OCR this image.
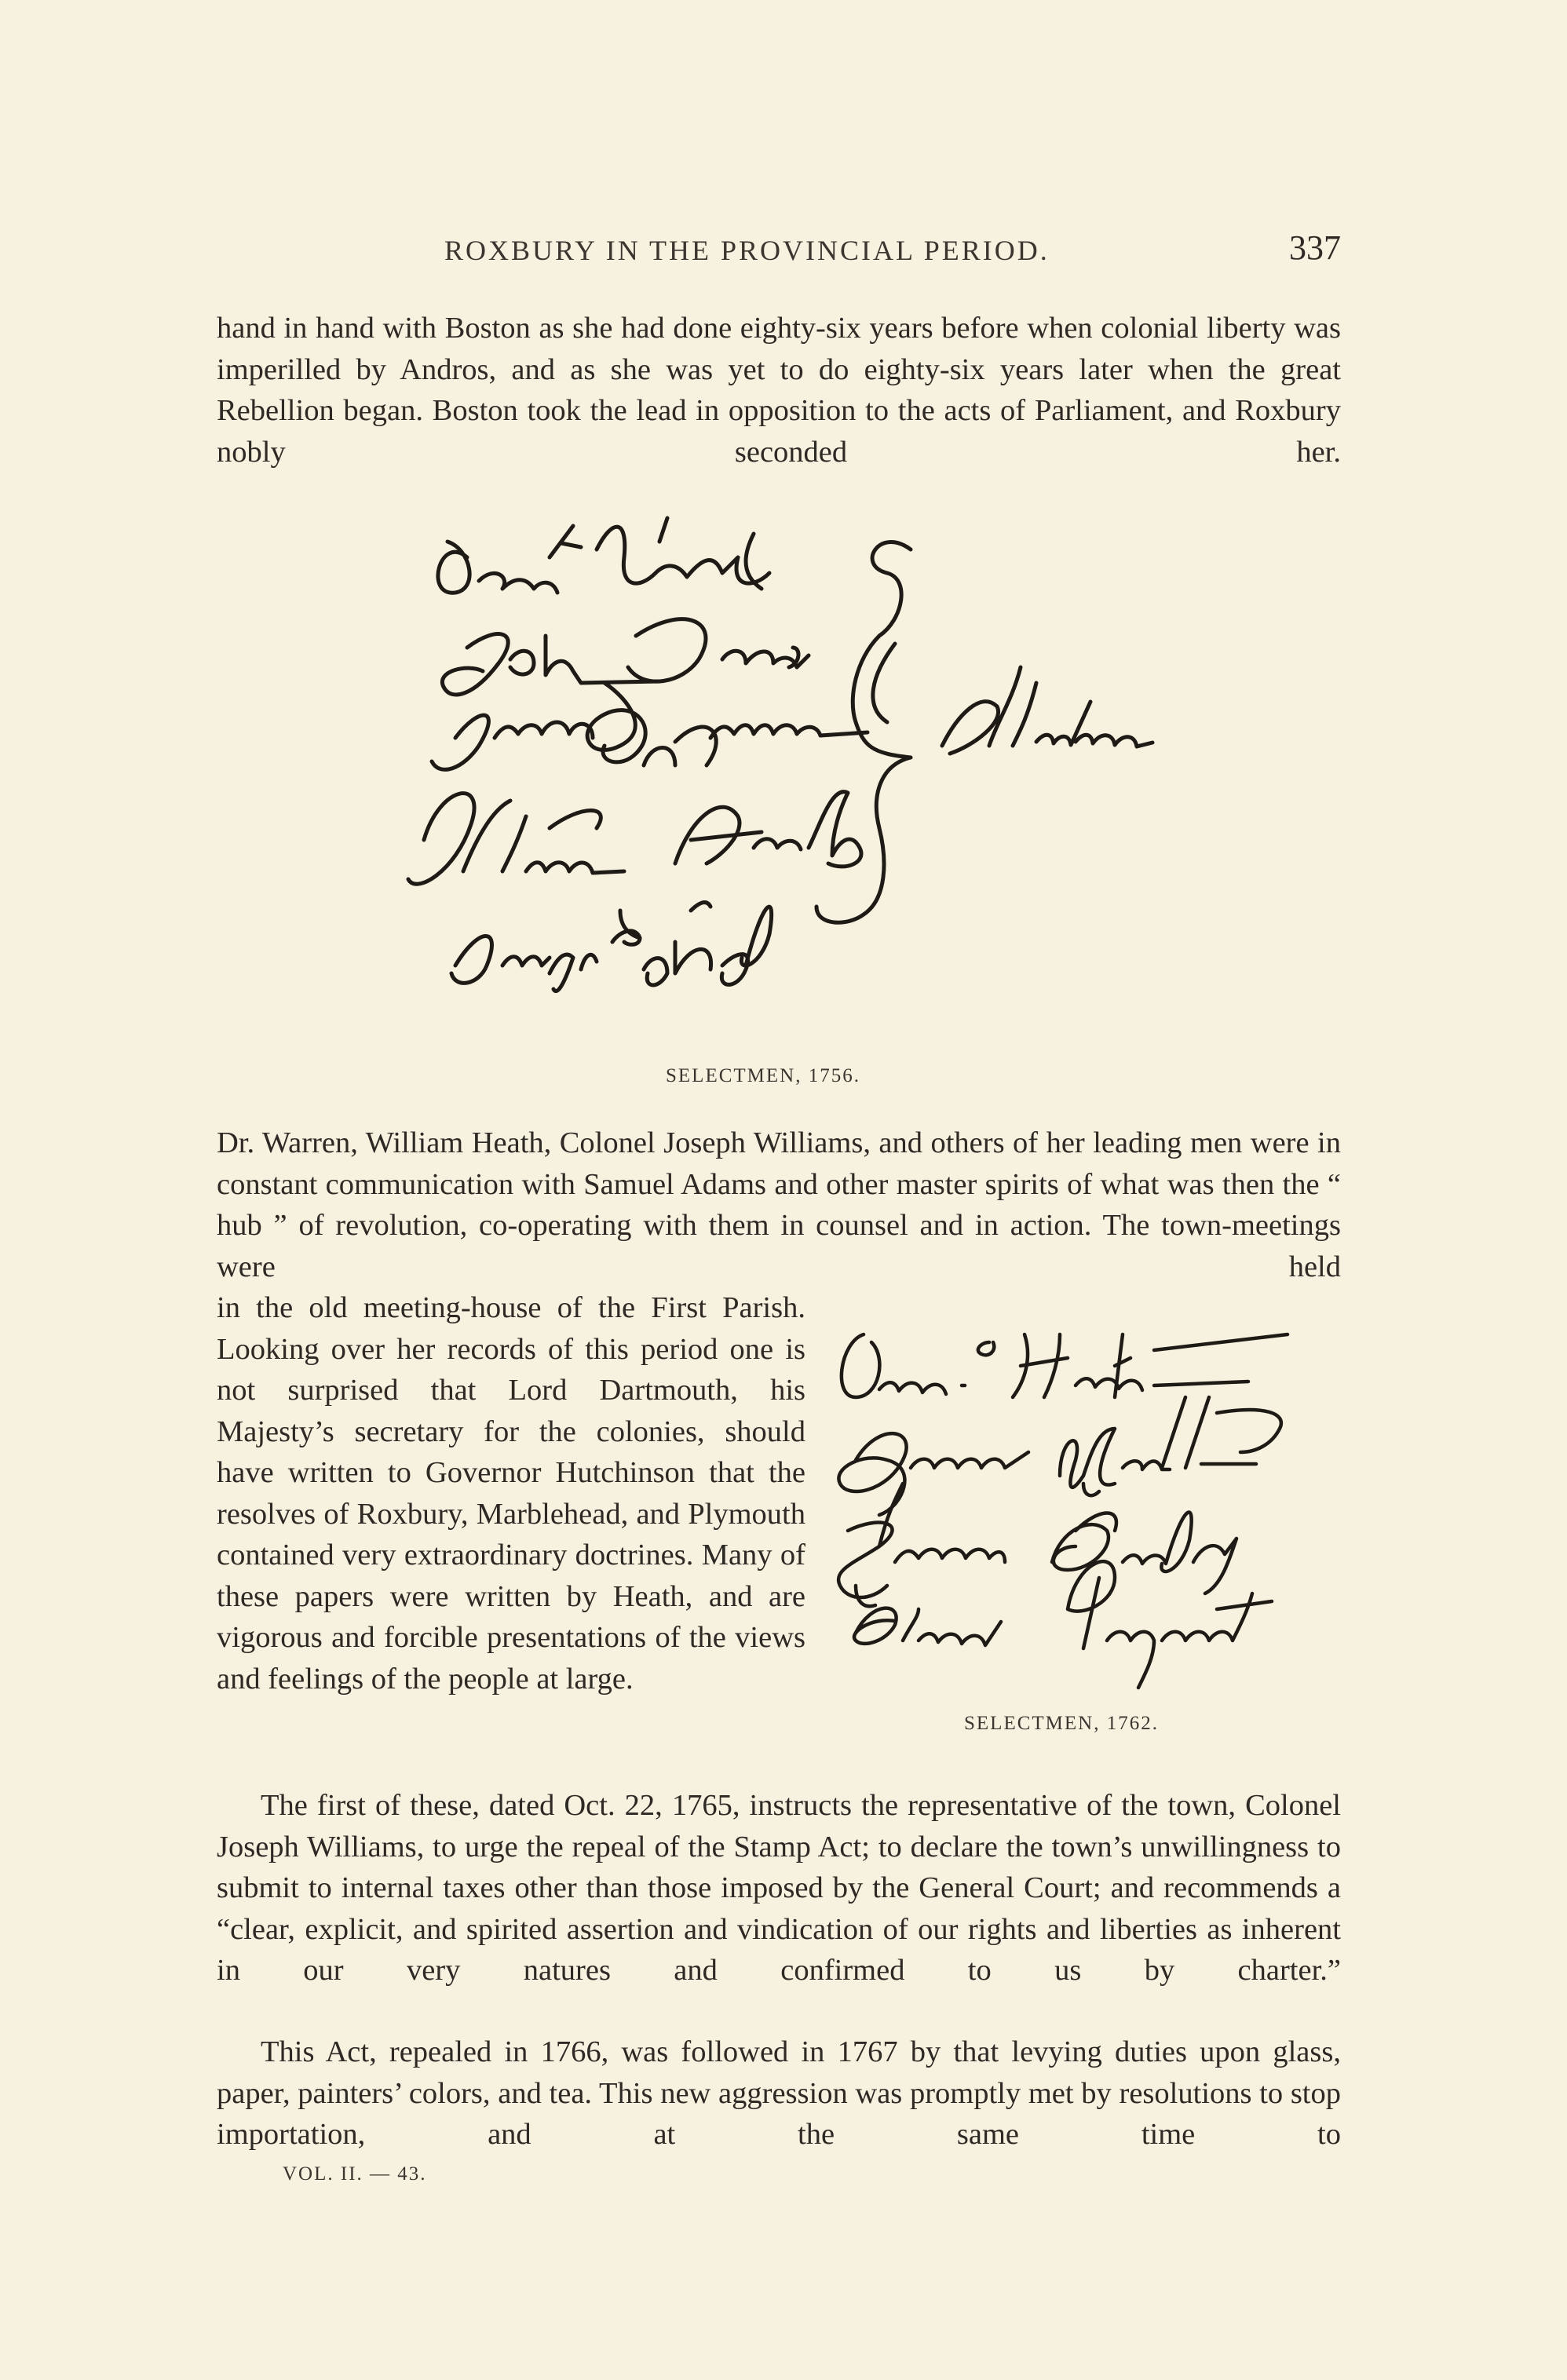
ROXBURY IN THE PROVINCIAL PERIOD.	337

hand in hand with Boston as she had done eighty-six years before when colonial liberty was imperilled by Andros, and as she was yet to do eighty-six years later when the great Rebellion began. Boston took the lead in opposition to the acts of Parliament, and Roxbury nobly seconded her.

SELECTMEN, 1756.

Dr. Warren, William Heath, Colonel Joseph Williams, and others of her leading men were in constant communication with Samuel Adams and other master spirits of what was then the “ hub ” of revolution, co-operating with them in counsel and in action. The town-meetings were held

in the old meeting-house of the First Parish. Looking over her records of this period one is not surprised that Lord Dartmouth, his Majesty’s secretary for the colonies, should have written to Governor Hutchinson that the resolves of Roxbury, Marblehead, and Plymouth contained very extraordinary doctrines. Many of these papers were written by Heath, and are vigorous and forcible presentations of the views and feelings of the people at large.

SELECTMEN, 1762.

The first of these, dated Oct. 22, 1765, instructs the representative of the town, Colonel Joseph Williams, to urge the repeal of the Stamp Act; to declare the town’s unwillingness to submit to internal taxes other than those imposed by the General Court; and recommends a “clear, explicit, and spirited assertion and vindication of our rights and liberties as inherent in our very natures and confirmed to us by charter.”

This Act, repealed in 1766, was followed in 1767 by that levying duties upon glass, paper, painters’ colors, and tea. This new aggression was promptly met by resolutions to stop importation, and at the same time to

VOL. II. — 43.
